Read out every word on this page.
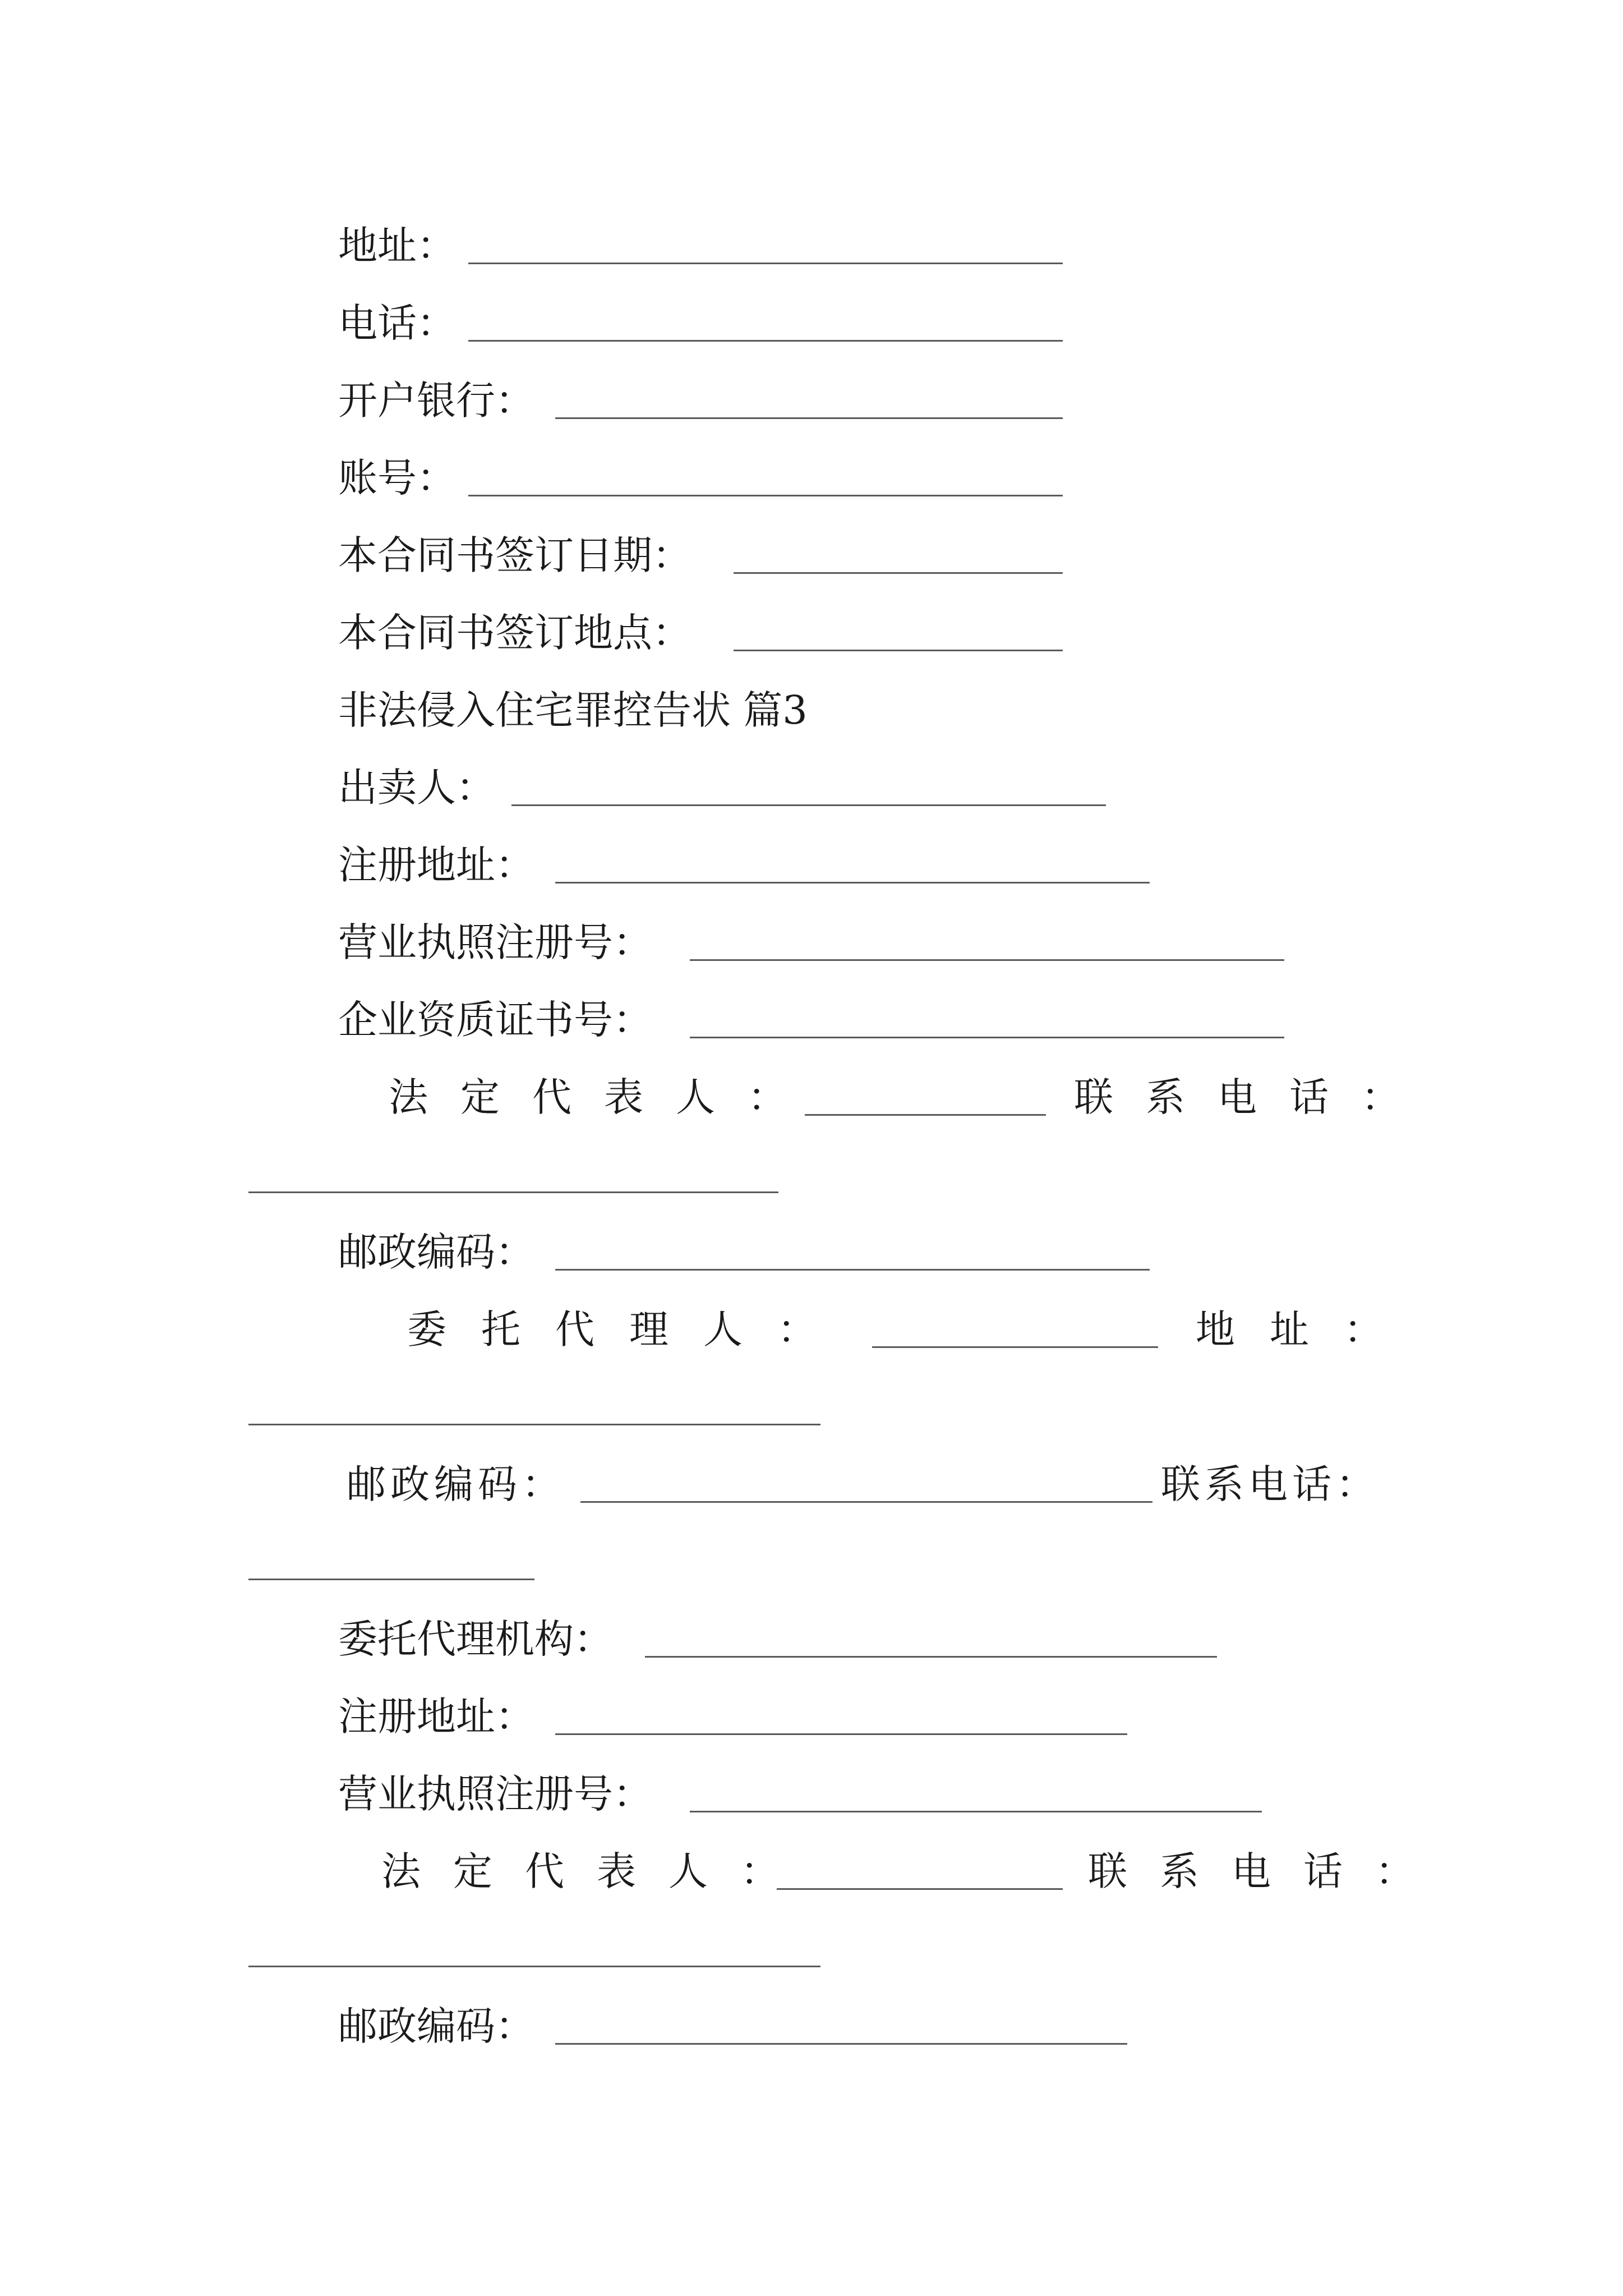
地址：
电话：
开户银行：
账号：
本合同书签订日期：
本合同书签订地点：
非法侵入住宅罪控告状 篇3
出卖人：
注册地址：
营业执照注册号：
企业资质证书号：
法定代表人：	联系电话：
邮政编码：
委托代理人：	地址：
邮政编码：	联系电话：
委托代理机构：
注册地址：
营业执照注册号：
法定代表人：	联系电话：
邮政编码：
